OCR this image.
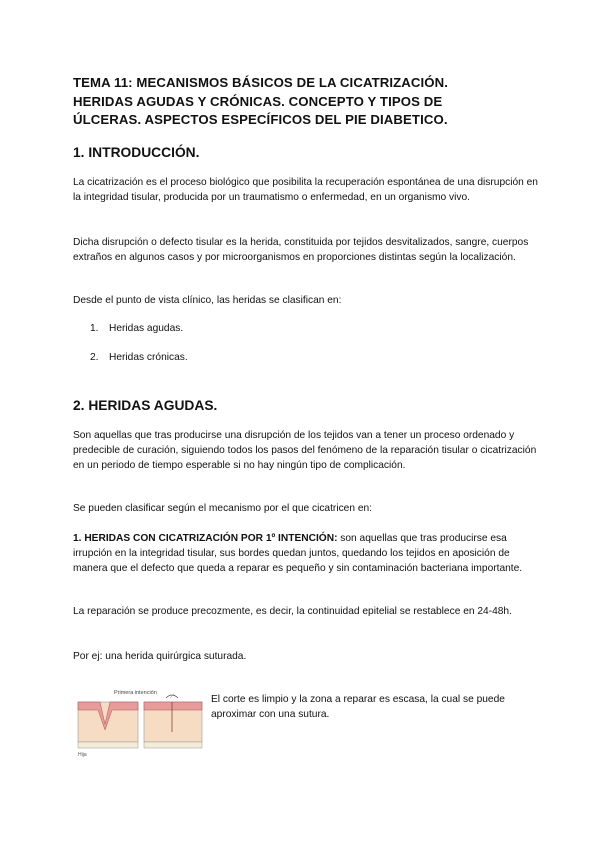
TEMA 11: MECANISMOS BÁSICOS DE LA CICATRIZACIÓN.
HERIDAS AGUDAS Y CRÓNICAS. CONCEPTO Y TIPOS DE
ÚLCERAS. ASPECTOS ESPECÍFICOS DEL PIE DIABETICO.
1. INTRODUCCIÓN.
La cicatrización es el proceso biológico que posibilita la recuperación espontánea de una disrupción en la integridad tisular, producida por un traumatismo o enfermedad, en un organismo vivo.
Dicha disrupción o defecto tisular es la herida, constituida por tejidos desvitalizados, sangre, cuerpos extraños en algunos casos y por microorganismos en proporciones distintas según la localización.
Desde el punto de vista clínico, las heridas se clasifican en:
1. Heridas agudas.
2. Heridas crónicas.
2. HERIDAS AGUDAS.
Son aquellas que tras producirse una disrupción de los tejidos van a tener un proceso ordenado y predecible de curación, siguiendo todos los pasos del fenómeno de la reparación tisular o cicatrización en un periodo de tiempo esperable si no hay ningún tipo de complicación.
Se pueden clasificar según el mecanismo por el que cicatricen en:
1. HERIDAS CON CICATRIZACIÓN POR 1º INTENCIÓN: son aquellas que tras producirse esa irrupción en la integridad tisular, sus bordes quedan juntos, quedando los tejidos en aposición de manera que el defecto que queda a reparar es pequeño y sin contaminación bacteriana importante.
La reparación se produce precozmente, es decir, la continuidad epitelial se restablece en 24-48h.
Por ej: una herida quirúrgica suturada.
Primera intención
Hija
El corte es limpio y la zona a reparar es escasa, la cual se puede aproximar con una sutura.
